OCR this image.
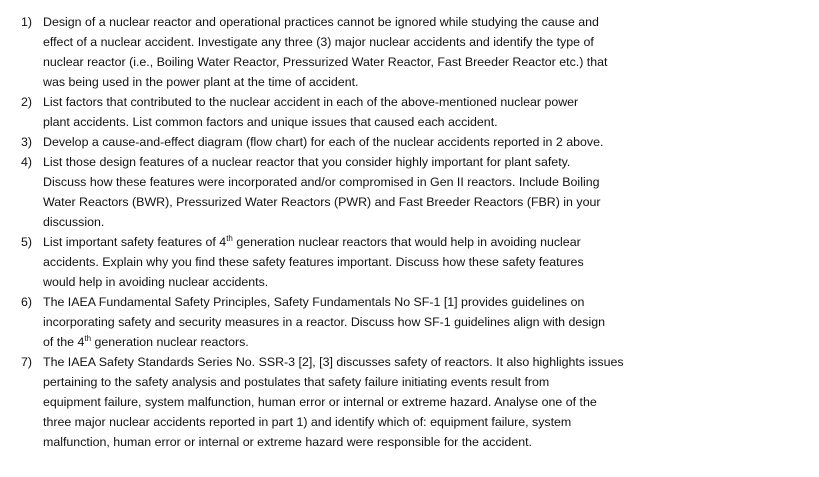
1) Design of a nuclear reactor and operational practices cannot be ignored while studying the cause and
effect of a nuclear accident. Investigate any three (3) major nuclear accidents and identify the type of
nuclear reactor (i.e., Boiling Water Reactor, Pressurized Water Reactor, Fast Breeder Reactor etc.) that
was being used in the power plant at the time of accident.
2) List factors that contributed to the nuclear accident in each of the above-mentioned nuclear power
plant accidents. List common factors and unique issues that caused each accident.
3) Develop a cause-and-effect diagram (flow chart) for each of the nuclear accidents reported in 2 above.
4) List those design features of a nuclear reactor that you consider highly important for plant safety.
Discuss how these features were incorporated and/or compromised in Gen II reactors. Include Boiling
Water Reactors (BWR), Pressurized Water Reactors (PWR) and Fast Breeder Reactors (FBR) in your
discussion.
5) List important safety features of 4th generation nuclear reactors that would help in avoiding nuclear
accidents. Explain why you find these safety features important. Discuss how these safety features
would help in avoiding nuclear accidents.
6) The IAEA Fundamental Safety Principles, Safety Fundamentals No SF-1 [1] provides guidelines on
incorporating safety and security measures in a reactor. Discuss how SF-1 guidelines align with design
of the 4th generation nuclear reactors.
7) The IAEA Safety Standards Series No. SSR-3 [2], [3] discusses safety of reactors. It also highlights issues
pertaining to the safety analysis and postulates that safety failure initiating events result from
equipment failure, system malfunction, human error or internal or extreme hazard. Analyse one of the
three major nuclear accidents reported in part 1) and identify which of: equipment failure, system
malfunction, human error or internal or extreme hazard were responsible for the accident.
